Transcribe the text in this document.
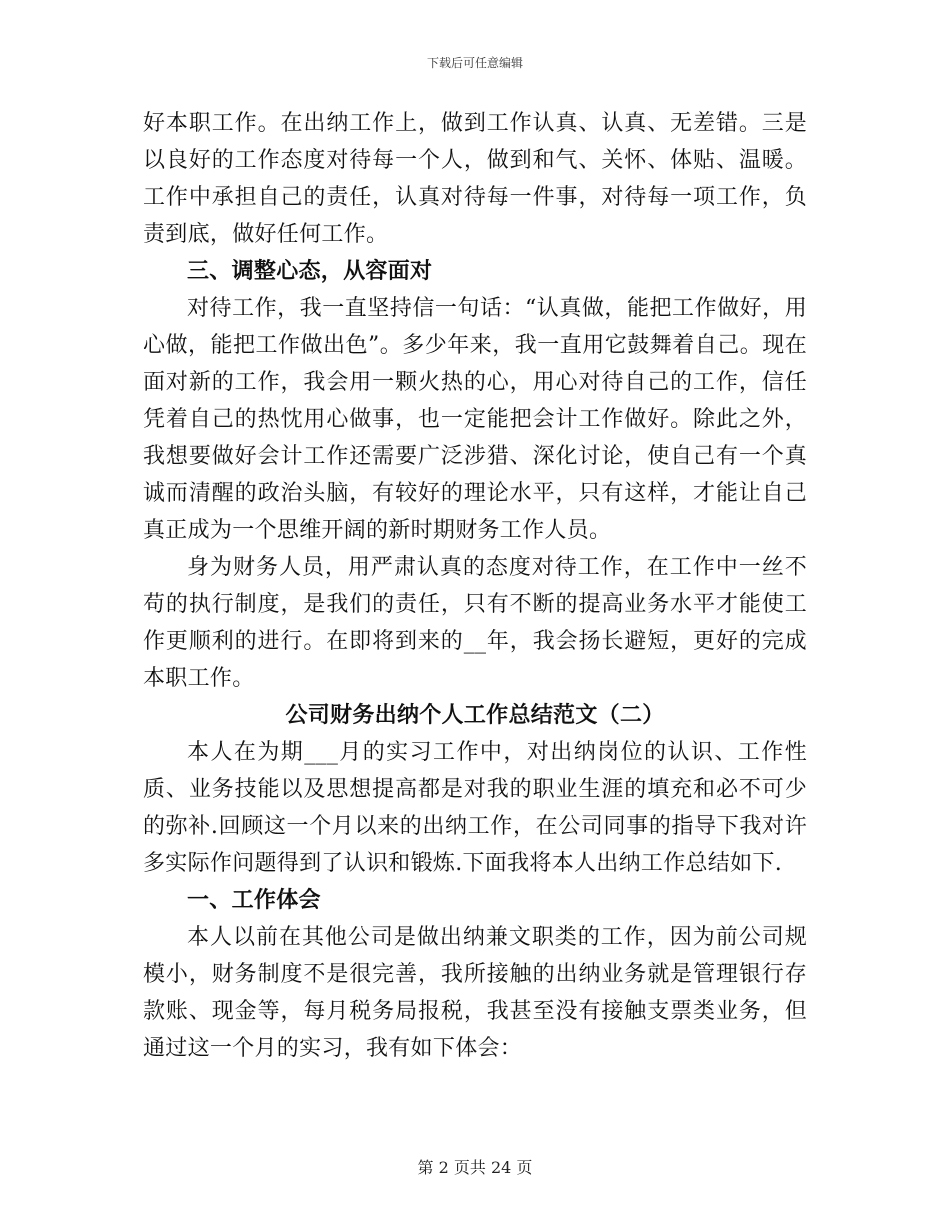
下载后可任意编辑

好本职工作。在出纳工作上，做到工作认真、认真、无差错。三是以良好的工作态度对待每一个人，做到和气、关怀、体贴、温暖。工作中承担自己的责任，认真对待每一件事，对待每一项工作，负责到底，做好任何工作。

三、调整心态，从容面对

对待工作，我一直坚持信一句话：“认真做，能把工作做好，用心做，能把工作做出色”。多少年来，我一直用它鼓舞着自己。现在面对新的工作，我会用一颗火热的心，用心对待自己的工作，信任凭着自己的热忱用心做事，也一定能把会计工作做好。除此之外，我想要做好会计工作还需要广泛涉猎、深化讨论，使自己有一个真诚而清醒的政治头脑，有较好的理论水平，只有这样，才能让自己真正成为一个思维开阔的新时期财务工作人员。

身为财务人员，用严肃认真的态度对待工作，在工作中一丝不苟的执行制度，是我们的责任，只有不断的提高业务水平才能使工作更顺利的进行。在即将到来的__年，我会扬长避短，更好的完成本职工作。

公司财务出纳个人工作总结范文（二）

本人在为期___月的实习工作中，对出纳岗位的认识、工作性质、业务技能以及思想提高都是对我的职业生涯的填充和必不可少的弥补.回顾这一个月以来的出纳工作，在公司同事的指导下我对许多实际作问题得到了认识和锻炼.下面我将本人出纳工作总结如下.

一、工作体会

本人以前在其他公司是做出纳兼文职类的工作，因为前公司规模小，财务制度不是很完善，我所接触的出纳业务就是管理银行存款账、现金等，每月税务局报税，我甚至没有接触支票类业务，但通过这一个月的实习，我有如下体会：

第 2 页共 24 页
